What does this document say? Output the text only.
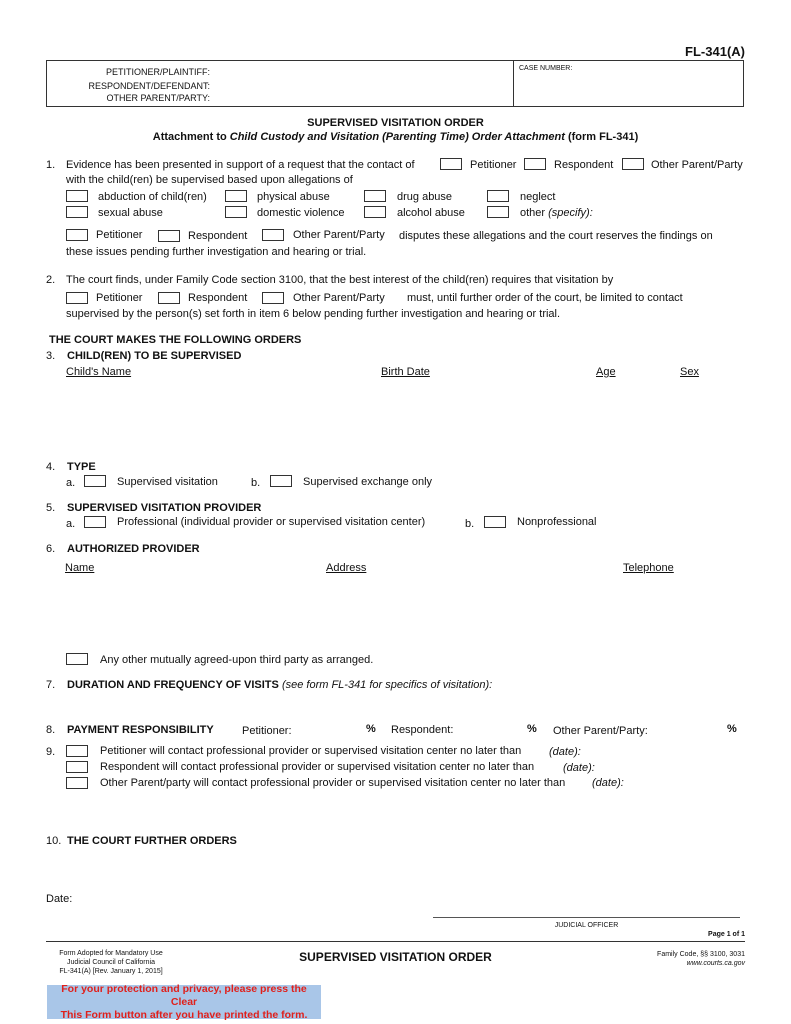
FL-341(A)
PETITIONER/PLAINTIFF:
RESPONDENT/DEFENDANT:
OTHER PARENT/PARTY:
CASE NUMBER:
SUPERVISED VISITATION ORDER
Attachment to Child Custody and Visitation (Parenting Time) Order Attachment (form FL-341)
1. Evidence has been presented in support of a request that the contact of	Petitioner	Respondent	Other Parent/Party
with the child(ren) be supervised based upon allegations of
abduction of child(ren)	physical abuse	drug abuse	neglect
sexual abuse	domestic violence	alcohol abuse	other (specify):
Petitioner	Respondent	Other Parent/Party disputes these allegations and the court reserves the findings on
these issues pending further investigation and hearing or trial.
2. The court finds, under Family Code section 3100, that the best interest of the child(ren) requires that visitation by
Petitioner	Respondent	Other Parent/Party must, until further order of the court, be limited to contact
supervised by the person(s) set forth in item 6 below pending further investigation and hearing or trial.
THE COURT MAKES THE FOLLOWING ORDERS
3. CHILD(REN) TO BE SUPERVISED
Child's Name	Birth Date	Age	Sex
4. TYPE
a.	Supervised visitation	b.	Supervised exchange only
5. SUPERVISED VISITATION PROVIDER
a.	Professional (individual provider or supervised visitation center)	b.	Nonprofessional
6. AUTHORIZED PROVIDER
Name	Address	Telephone
Any other mutually agreed-upon third party as arranged.
7. DURATION AND FREQUENCY OF VISITS (see form FL-341 for specifics of visitation):
8. PAYMENT RESPONSIBILITY	Petitioner:	% Respondent:	% Other Parent/Party:	%
9.	Petitioner will contact professional provider or supervised visitation center no later than	(date):
Respondent will contact professional provider or supervised visitation center no later than	(date):
Other Parent/party will contact professional provider or supervised visitation center no later than (date):
10. THE COURT FURTHER ORDERS
Date:
JUDICIAL OFFICER
Page 1 of 1
Form Adopted for Mandatory Use
Judicial Council of California
FL-341(A) [Rev. January 1, 2015]
SUPERVISED VISITATION ORDER	Family Code, §§ 3100, 3031
www.courts.ca.gov
For your protection and privacy, please press the Clear
This Form button after you have printed the form.
